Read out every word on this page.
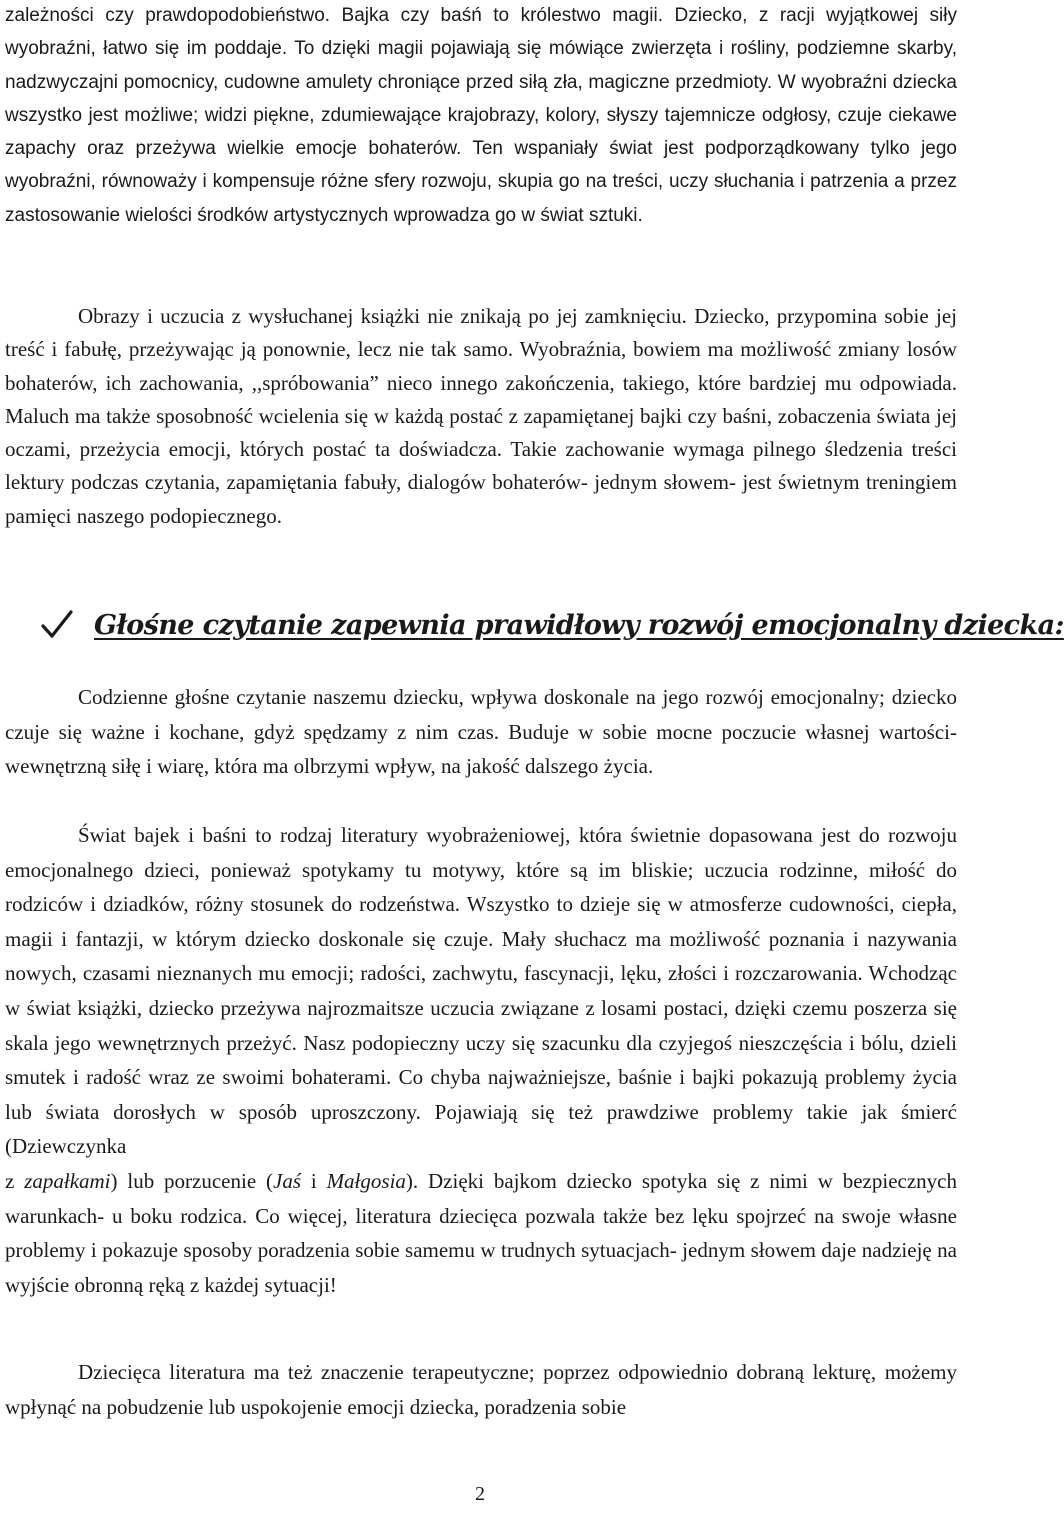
zależności czy prawdopodobieństwo. Bajka czy baśń to królestwo magii. Dziecko, z racji wyjątkowej siły wyobraźni, łatwo się im poddaje. To dzięki magii pojawiają się mówiące zwierzęta i rośliny, podziemne skarby, nadzwyczajni pomocnicy, cudowne amulety chroniące przed siłą zła, magiczne przedmioty. W wyobraźni dziecka wszystko jest możliwe; widzi piękne, zdumiewające krajobrazy, kolory, słyszy tajemnicze odgłosy, czuje ciekawe zapachy oraz przeżywa wielkie emocje bohaterów. Ten wspaniały świat jest podporządkowany tylko jego wyobraźni, równoważy i kompensuje różne sfery rozwoju, skupia go na treści, uczy słuchania i patrzenia a przez zastosowanie wielości środków artystycznych wprowadza go w świat sztuki.
Obrazy i uczucia z wysłuchanej książki nie znikają po jej zamknięciu. Dziecko, przypomina sobie jej treść i fabułę, przeżywając ją ponownie, lecz nie tak samo. Wyobraźnia, bowiem ma możliwość zmiany losów bohaterów, ich zachowania, ,,spróbowania” nieco innego zakończenia, takiego, które bardziej mu odpowiada. Maluch ma także sposobność wcielenia się w każdą postać z zapamiętanej bajki czy baśni, zobaczenia świata jej oczami, przeżycia emocji, których postać ta doświadcza. Takie zachowanie wymaga pilnego śledzenia treści lektury podczas czytania, zapamiętania fabuły, dialogów bohaterów- jednym słowem- jest świetnym treningiem pamięci naszego podopiecznego.
Głośne czytanie zapewnia prawidłowy rozwój emocjonalny dziecka:
Codzienne głośne czytanie naszemu dziecku, wpływa doskonale na jego rozwój emocjonalny; dziecko czuje się ważne i kochane, gdyż spędzamy z nim czas. Buduje w sobie mocne poczucie własnej wartości- wewnętrzną siłę i wiarę, która ma olbrzymi wpływ, na jakość dalszego życia.
Świat bajek i baśni to rodzaj literatury wyobrażeniowej, która świetnie dopasowana jest do rozwoju emocjonalnego dzieci, ponieważ spotykamy tu motywy, które są im bliskie; uczucia rodzinne, miłość do rodziców i dziadków, różny stosunek do rodzeństwa. Wszystko to dzieje się w atmosferze cudowności, ciepła, magii i fantazji, w którym dziecko doskonale się czuje. Mały słuchacz ma możliwość poznania i nazywania nowych, czasami nieznanych mu emocji; radości, zachwytu, fascynacji, lęku, złości i rozczarowania. Wchodząc w świat książki, dziecko przeżywa najrozmaitsze uczucia związane z losami postaci, dzięki czemu poszerza się skala jego wewnętrznych przeżyć. Nasz podopieczny uczy się szacunku dla czyjegoś nieszczęścia i bólu, dzieli smutek i radość wraz ze swoimi bohaterami. Co chyba najważniejsze, baśnie i bajki pokazują problemy życia lub świata dorosłych w sposób uproszczony. Pojawiają się też prawdziwe problemy takie jak śmierć (Dziewczynka
z zapałkami) lub porzucenie (Jaś i Małgosia). Dzięki bajkom dziecko spotyka się z nimi w bezpiecznych warunkach- u boku rodzica. Co więcej, literatura dziecięca pozwala także bez lęku spojrzeć na swoje własne problemy i pokazuje sposoby poradzenia sobie samemu w trudnych sytuacjach- jednym słowem daje nadzieję na wyjście obronną ręką z każdej sytuacji!
Dziecięca literatura ma też znaczenie terapeutyczne; poprzez odpowiednio dobraną lekturę, możemy wpłynąć na pobudzenie lub uspokojenie emocji dziecka, poradzenia sobie
2
